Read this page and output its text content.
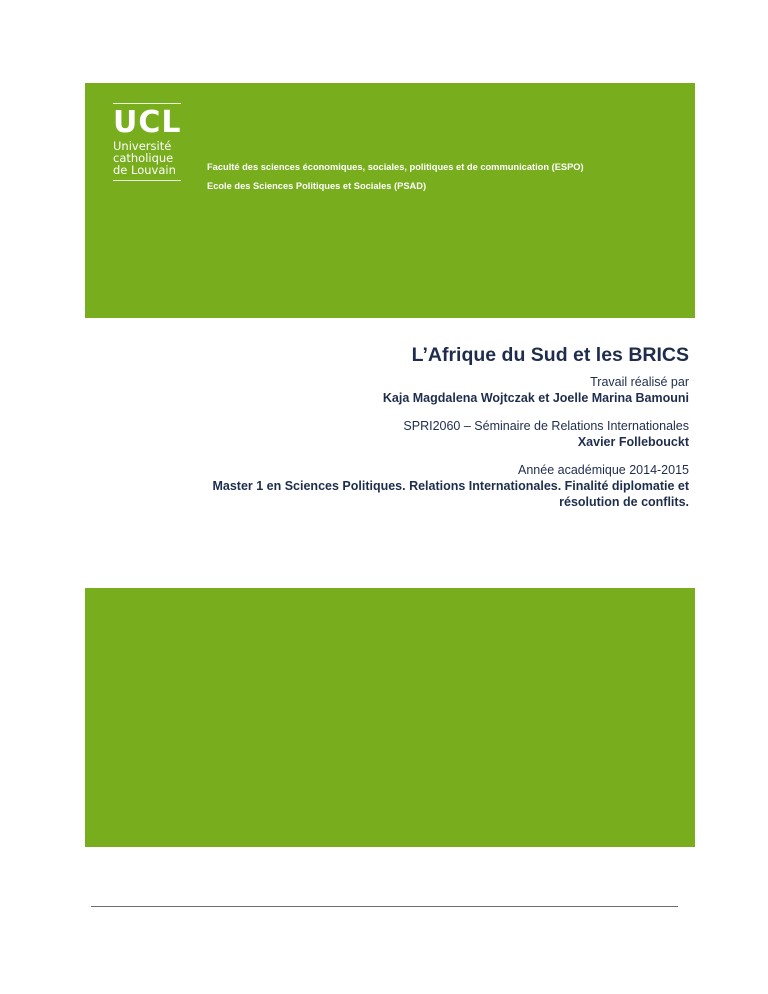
UCL
Université
catholique
de Louvain	Faculté des sciences économiques, sociales, politiques et de communication (ESPO)
Ecole des Sciences Politiques et Sociales (PSAD)
L’Afrique du Sud et les BRICS
Travail réalisé par
Kaja Magdalena Wojtczak et Joelle Marina Bamouni
SPRI2060 – Séminaire de Relations Internationales
Xavier Follebouckt
Année académique 2014-2015
Master 1 en Sciences Politiques. Relations Internationales. Finalité diplomatie et
résolution de conflits.
